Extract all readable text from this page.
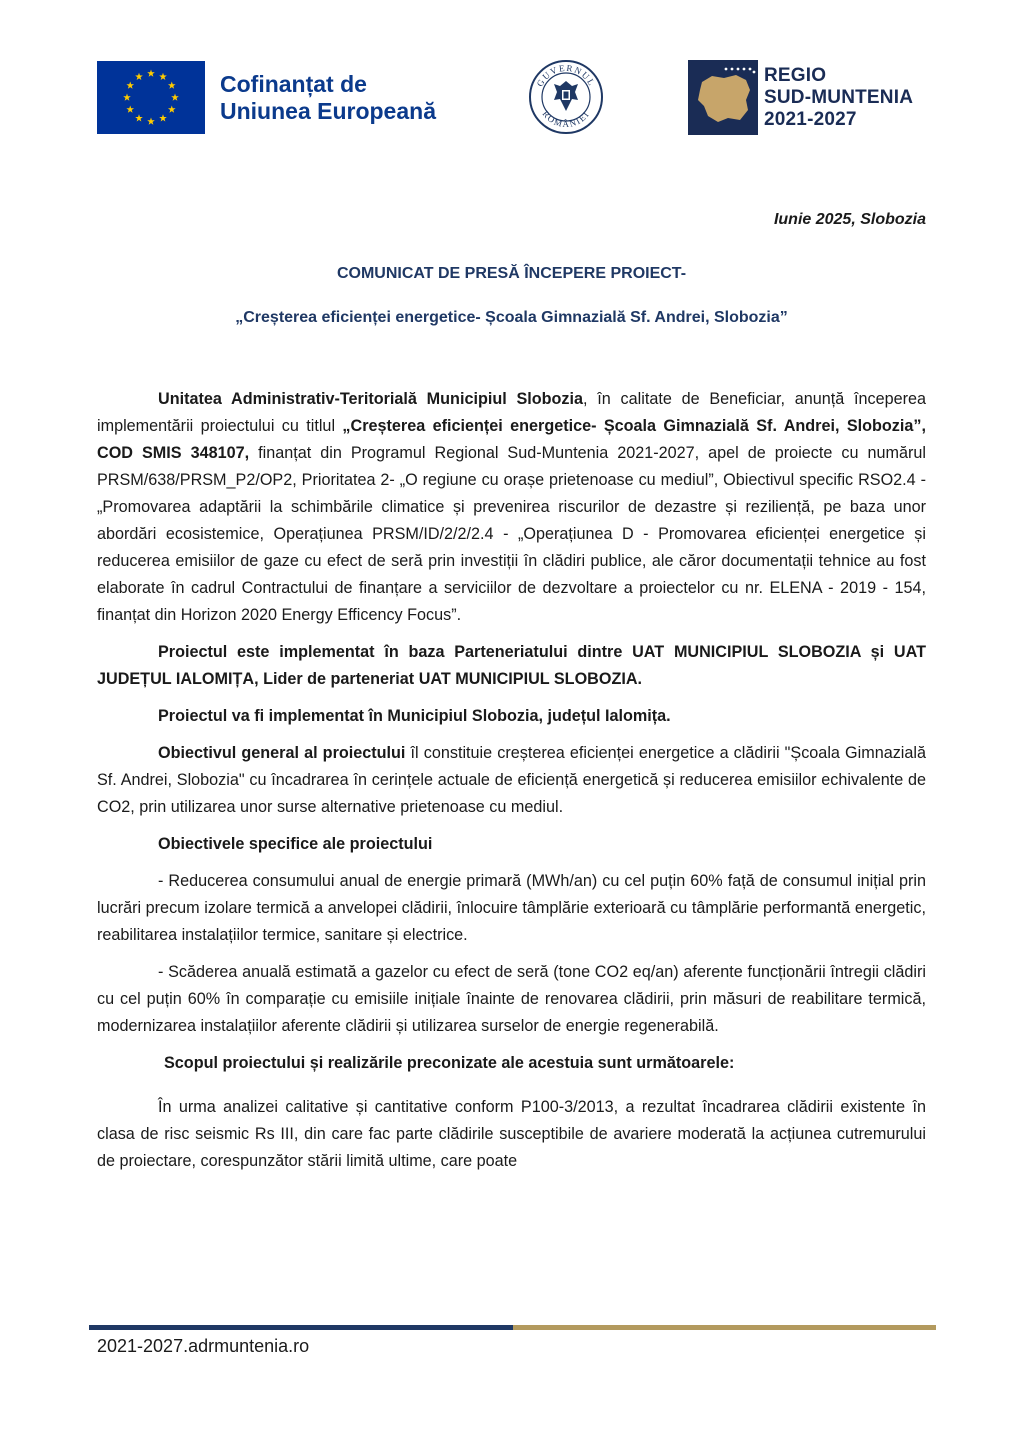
Cofinanțat de
Uniunea Europeană
GUVERNUL
ROMÂNIEI
REGIO
SUD-MUNTENIA
2021-2027

Iunie 2025, Slobozia

COMUNICAT DE PRESĂ ÎNCEPERE PROIECT-

„Creșterea eficienței energetice- Școala Gimnazială Sf. Andrei, Slobozia”

Unitatea Administrativ-Teritorială Municipiul Slobozia, în calitate de Beneficiar, anunță începerea implementării proiectului cu titlul „Creșterea eficienței energetice- Școala Gimnazială Sf. Andrei, Slobozia”, COD SMIS 348107, finanțat din Programul Regional Sud-Muntenia 2021-2027, apel de proiecte cu numărul PRSM/638/PRSM_P2/OP2, Prioritatea 2- „O regiune cu orașe prietenoase cu mediul”, Obiectivul specific RSO2.4 - „Promovarea adaptării la schimbările climatice și prevenirea riscurilor de dezastre și reziliență, pe baza unor abordări ecosistemice, Operațiunea PRSM/ID/2/2/2.4 - „Operațiunea D - Promovarea eficienței energetice și reducerea emisiilor de gaze cu efect de seră prin investiții în clădiri publice, ale căror documentații tehnice au fost elaborate în cadrul Contractului de finanțare a serviciilor de dezvoltare a proiectelor cu nr. ELENA - 2019 - 154, finanțat din Horizon 2020 Energy Efficency Focus”.

Proiectul este implementat în baza Parteneriatului dintre UAT MUNICIPIUL SLOBOZIA și UAT JUDEȚUL IALOMIȚA, Lider de parteneriat UAT MUNICIPIUL SLOBOZIA.

Proiectul va fi implementat în Municipiul Slobozia, județul Ialomița.

Obiectivul general al proiectului îl constituie creșterea eficienței energetice a clădirii "Școala Gimnazială Sf. Andrei, Slobozia" cu încadrarea în cerințele actuale de eficiență energetică și reducerea emisiilor echivalente de CO2, prin utilizarea unor surse alternative prietenoase cu mediul.

Obiectivele specifice ale proiectului

- Reducerea consumului anual de energie primară (MWh/an) cu cel puțin 60% față de consumul inițial prin lucrări precum izolare termică a anvelopei clădirii, înlocuire tâmplărie exterioară cu tâmplărie performantă energetic, reabilitarea instalațiilor termice, sanitare și electrice.

- Scăderea anuală estimată a gazelor cu efect de seră (tone CO2 eq/an) aferente funcționării întregii clădiri cu cel puțin 60% în comparație cu emisiile inițiale înainte de renovarea clădirii, prin măsuri de reabilitare termică, modernizarea instalațiilor aferente clădirii și utilizarea surselor de energie regenerabilă.

Scopul proiectului și realizările preconizate ale acestuia sunt următoarele:

În urma analizei calitative și cantitative conform P100-3/2013, a rezultat încadrarea clădirii existente în clasa de risc seismic Rs III, din care fac parte clădirile susceptibile de avariere moderată la acțiunea cutremurului de proiectare, corespunzător stării limită ultime, care poate

2021-2027.adrmuntenia.ro
